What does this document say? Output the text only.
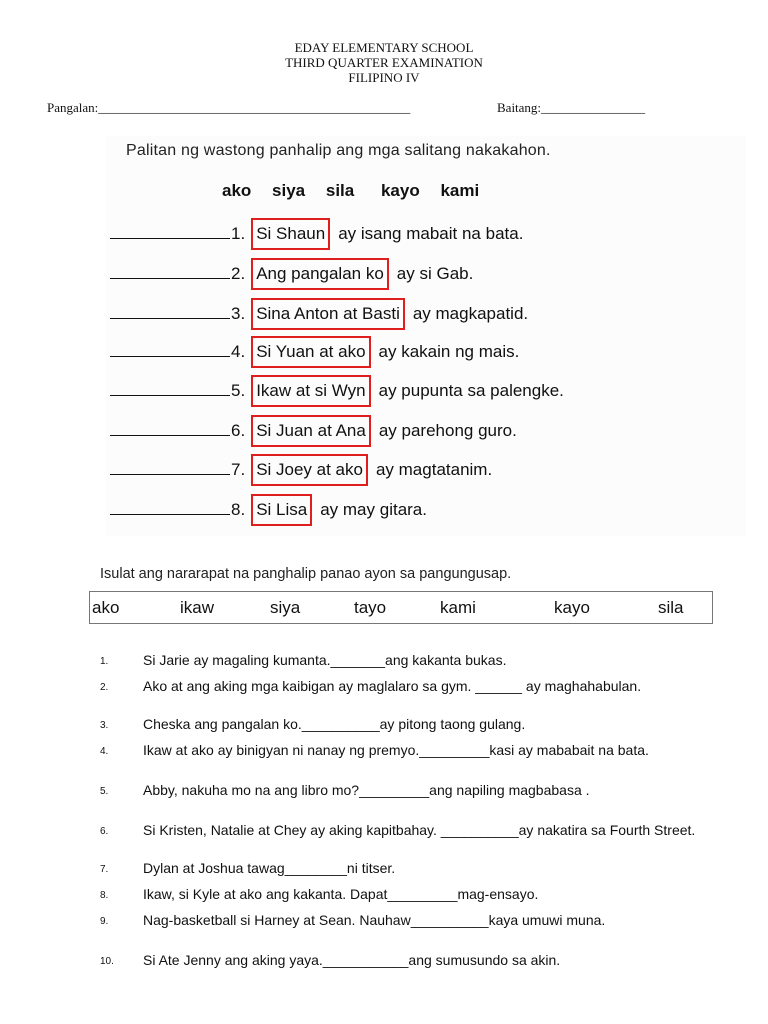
EDAY ELEMENTARY SCHOOL
THIRD QUARTER EXAMINATION
FILIPINO IV
Pangalan:________________________________________________	Baitang:________________
Palitan ng wastong panhalip ang mga salitang nakakahon.
ako siya sila kayo kami
1. Si Shaun ay isang mabait na bata.
2. Ang pangalan ko ay si Gab.
3. Sina Anton at Basti ay magkapatid.
4. Si Yuan at ako ay kakain ng mais.
5. Ikaw at si Wyn ay pupunta sa palengke.
6. Si Juan at Ana ay parehong guro.
7. Si Joey at ako ay magtatanim.
8. Si Lisa ay may gitara.
Isulat ang nararapat na panghalip panao ayon sa pangungusap.
ako	ikaw	siya	tayo	kami	kayo	sila
1. Si Jarie ay magaling kumanta._______ang kakanta bukas.
2. Ako at ang aking mga kaibigan ay maglalaro sa gym. ______ ay maghahabulan.
3. Cheska ang pangalan ko.__________ay pitong taong gulang.
4. Ikaw at ako ay binigyan ni nanay ng premyo._________kasi ay mababait na bata.
5. Abby, nakuha mo na ang libro mo?_________ang napiling magbabasa .
6. Si Kristen, Natalie at Chey ay aking kapitbahay. __________ay nakatira sa Fourth Street.
7. Dylan at Joshua tawag________ni titser.
8. Ikaw, si Kyle at ako ang kakanta. Dapat_________mag-ensayo.
9. Nag-basketball si Harney at Sean. Nauhaw__________kaya umuwi muna.
10. Si Ate Jenny ang aking yaya.___________ang sumusundo sa akin.
